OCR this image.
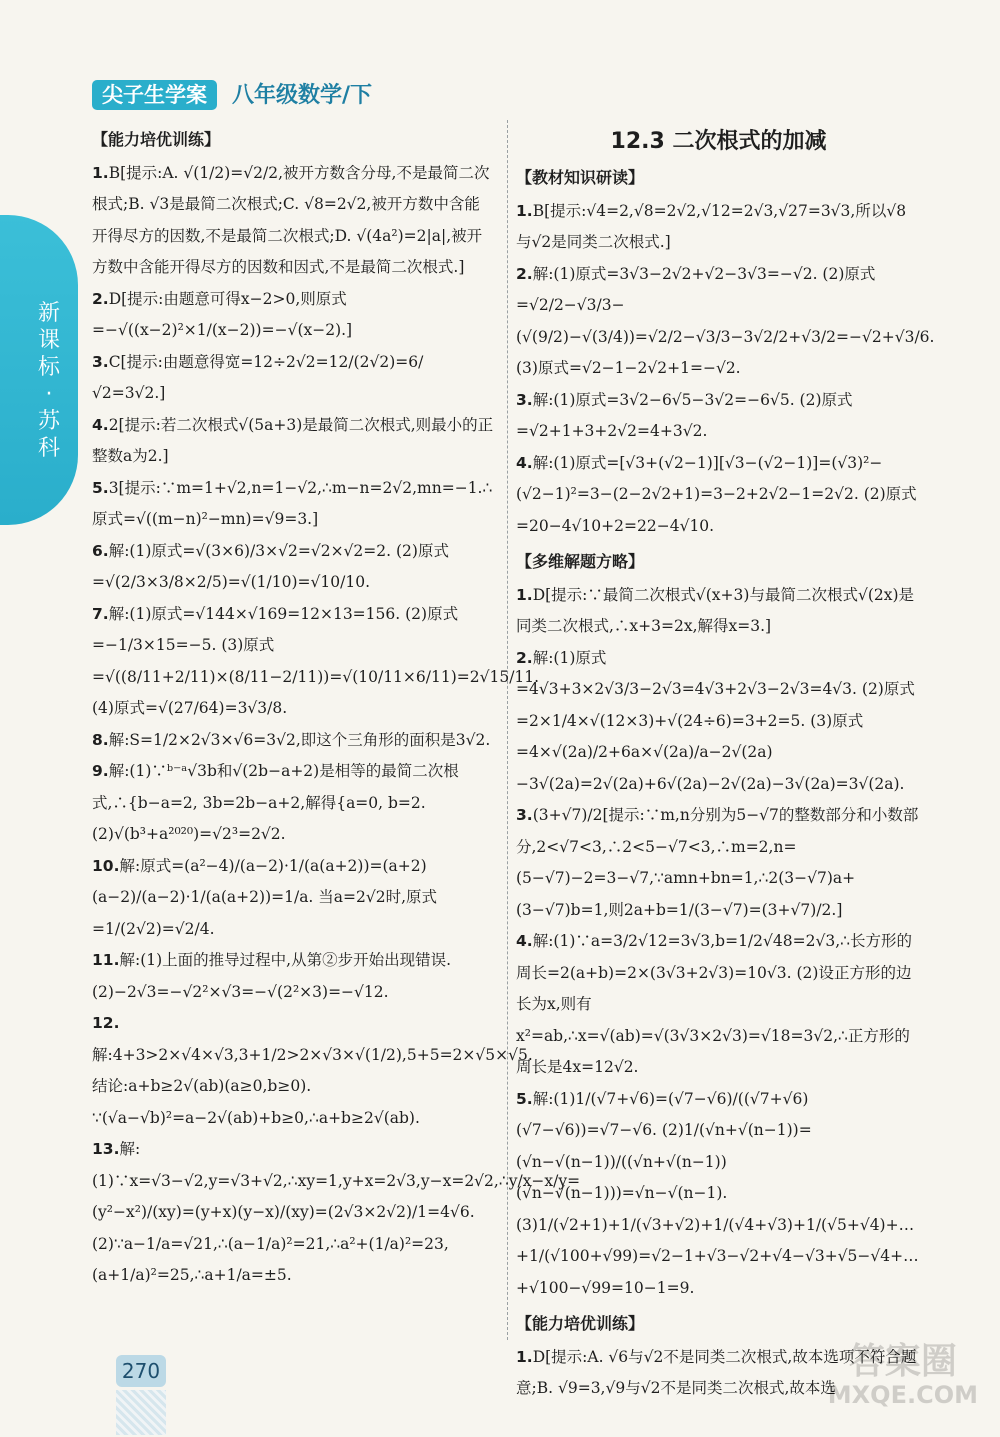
新
课
标
·
苏
科
尖子生学案	八年级数学/下
【能力培优训练】

1.B[提示:A. √(1/2)=√2/2,被开方数含分母,不是最简二次根式;B. √3是最简二次根式;C. √8=2√2,被开方数中含能开得尽方的因数,不是最简二次根式;D. √(4a²)=2|a|,被开方数中含能开得尽方的因数和因式,不是最简二次根式.]

2.D[提示:由题意可得x−2>0,则原式=−√((x−2)²×1/(x−2))=−√(x−2).]

3.C[提示:由题意得宽=12÷2√2=12/(2√2)=6/√2=3√2.]

4.2[提示:若二次根式√(5a+3)是最简二次根式,则最小的正整数a为2.]

5.3[提示:∵m=1+√2,n=1−√2,∴m−n=2√2,mn=−1.∴原式=√((m−n)²−mn)=√9=3.]

6.解:(1)原式=√(3×6)/3×√2=√2×√2=2. (2)原式=√(2/3×3/8×2/5)=√(1/10)=√10/10.

7.解:(1)原式=√144×√169=12×13=156. (2)原式=−1/3×15=−5. (3)原式=√((8/11+2/11)×(8/11−2/11))=√(10/11×6/11)=2√15/11. (4)原式=√(27/64)=3√3/8.

8.解:S=1/2×2√3×√6=3√2,即这个三角形的面积是3√2.

9.解:(1)∵ᵇ⁻ᵃ√3b和√(2b−a+2)是相等的最简二次根式,∴{b−a=2, 3b=2b−a+2,解得{a=0, b=2. (2)√(b³+a²⁰²⁰)=√2³=2√2.

10.解:原式=(a²−4)/(a−2)·1/(a(a+2))=(a+2)(a−2)/(a−2)·1/(a(a+2))=1/a. 当a=2√2时,原式=1/(2√2)=√2/4.

11.解:(1)上面的推导过程中,从第②步开始出现错误. (2)−2√3=−√2²×√3=−√(2²×3)=−√12.

12.解:4+3>2×√4×√3,3+1/2>2×√3×√(1/2),5+5=2×√5×√5. 结论:a+b≥2√(ab)(a≥0,b≥0). ∵(√a−√b)²=a−2√(ab)+b≥0,∴a+b≥2√(ab).

13.解:(1)∵x=√3−√2,y=√3+√2,∴xy=1,y+x=2√3,y−x=2√2,∴y/x−x/y=(y²−x²)/(xy)=(y+x)(y−x)/(xy)=(2√3×2√2)/1=4√6. (2)∵a−1/a=√21,∴(a−1/a)²=21,∴a²+(1/a)²=23,(a+1/a)²=25,∴a+1/a=±5.

12.3 二次根式的加减
【教材知识研读】

1.B[提示:√4=2,√8=2√2,√12=2√3,√27=3√3,所以√8与√2是同类二次根式.]

2.解:(1)原式=3√3−2√2+√2−3√3=−√2. (2)原式=√2/2−√3/3−(√(9/2)−√(3/4))=√2/2−√3/3−3√2/2+√3/2=−√2+√3/6. (3)原式=√2−1−2√2+1=−√2.

3.解:(1)原式=3√2−6√5−3√2=−6√5. (2)原式=√2+1+3+2√2=4+3√2.

4.解:(1)原式=[√3+(√2−1)][√3−(√2−1)]=(√3)²−(√2−1)²=3−(2−2√2+1)=3−2+2√2−1=2√2. (2)原式=20−4√10+2=22−4√10.

【多维解题方略】

1.D[提示:∵最简二次根式√(x+3)与最简二次根式√(2x)是同类二次根式,∴x+3=2x,解得x=3.]

2.解:(1)原式=4√3+3×2√3/3−2√3=4√3+2√3−2√3=4√3. (2)原式=2×1/4×√(12×3)+√(24÷6)=3+2=5. (3)原式=4×√(2a)/2+6a×√(2a)/a−2√(2a)−3√(2a)=2√(2a)+6√(2a)−2√(2a)−3√(2a)=3√(2a).

3.(3+√7)/2[提示:∵m,n分别为5−√7的整数部分和小数部分,2<√7<3,∴2<5−√7<3,∴m=2,n=(5−√7)−2=3−√7,∵amn+bn=1,∴2(3−√7)a+(3−√7)b=1,则2a+b=1/(3−√7)=(3+√7)/2.]

4.解:(1)∵a=3/2√12=3√3,b=1/2√48=2√3,∴长方形的周长=2(a+b)=2×(3√3+2√3)=10√3. (2)设正方形的边长为x,则有x²=ab,∴x=√(ab)=√(3√3×2√3)=√18=3√2,∴正方形的周长是4x=12√2.

5.解:(1)1/(√7+√6)=(√7−√6)/((√7+√6)(√7−√6))=√7−√6. (2)1/(√n+√(n−1))=(√n−√(n−1))/((√n+√(n−1))(√n−√(n−1)))=√n−√(n−1). (3)1/(√2+1)+1/(√3+√2)+1/(√4+√3)+1/(√5+√4)+…+1/(√100+√99)=√2−1+√3−√2+√4−√3+√5−√4+…+√100−√99=10−1=9.

【能力培优训练】

1.D[提示:A. √6与√2不是同类二次根式,故本选项不符合题意;B. √9=3,√9与√2不是同类二次根式,故本选

270	答案圈
MXQE.COM
